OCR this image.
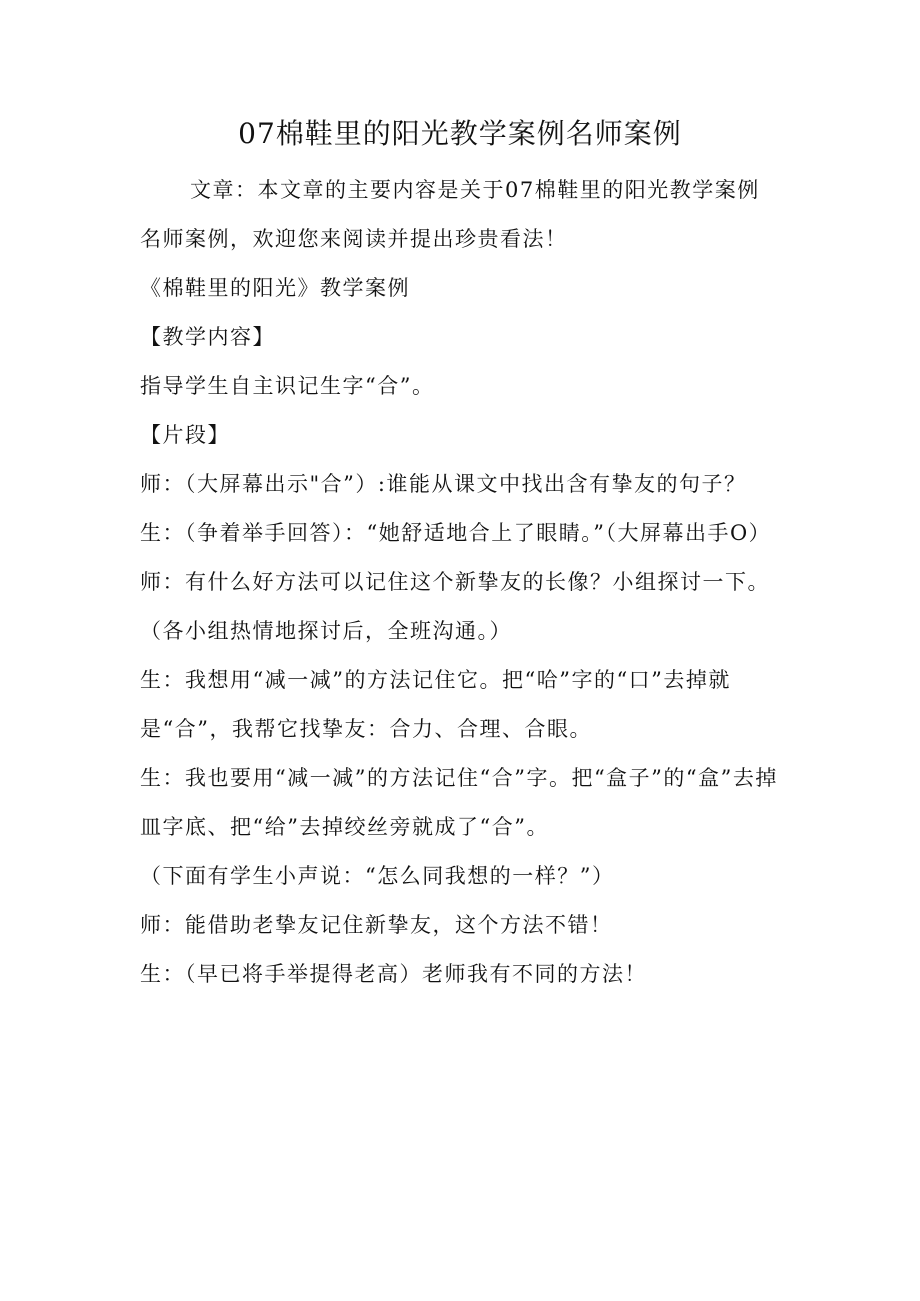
07棉鞋里的阳光教学案例名师案例

文章：本文章的主要内容是关于07棉鞋里的阳光教学案例名师案例，欢迎您来阅读并提出珍贵看法！

《棉鞋里的阳光》教学案例

【教学内容】

指导学生自主识记生字“合”。

【片段】

师：（大屏幕出示"合”）:谁能从课文中找出含有挚友的句子？

生：（争着举手回答）：“她舒适地合上了眼睛。”（大屏幕出手O）

师：有什么好方法可以记住这个新挚友的长像？小组探讨一下。

（各小组热情地探讨后，全班沟通。）

生：我想用“减一减”的方法记住它。把“哈”字的“口”去掉就是“合”，我帮它找挚友：合力、合理、合眼。

生：我也要用“减一减”的方法记住“合”字。把“盒子”的“盒”去掉皿字底、把“给”去掉绞丝旁就成了“合”。

（下面有学生小声说：“怎么同我想的一样？”）

师：能借助老挚友记住新挚友，这个方法不错！

生：（早已将手举提得老高）老师我有不同的方法！
